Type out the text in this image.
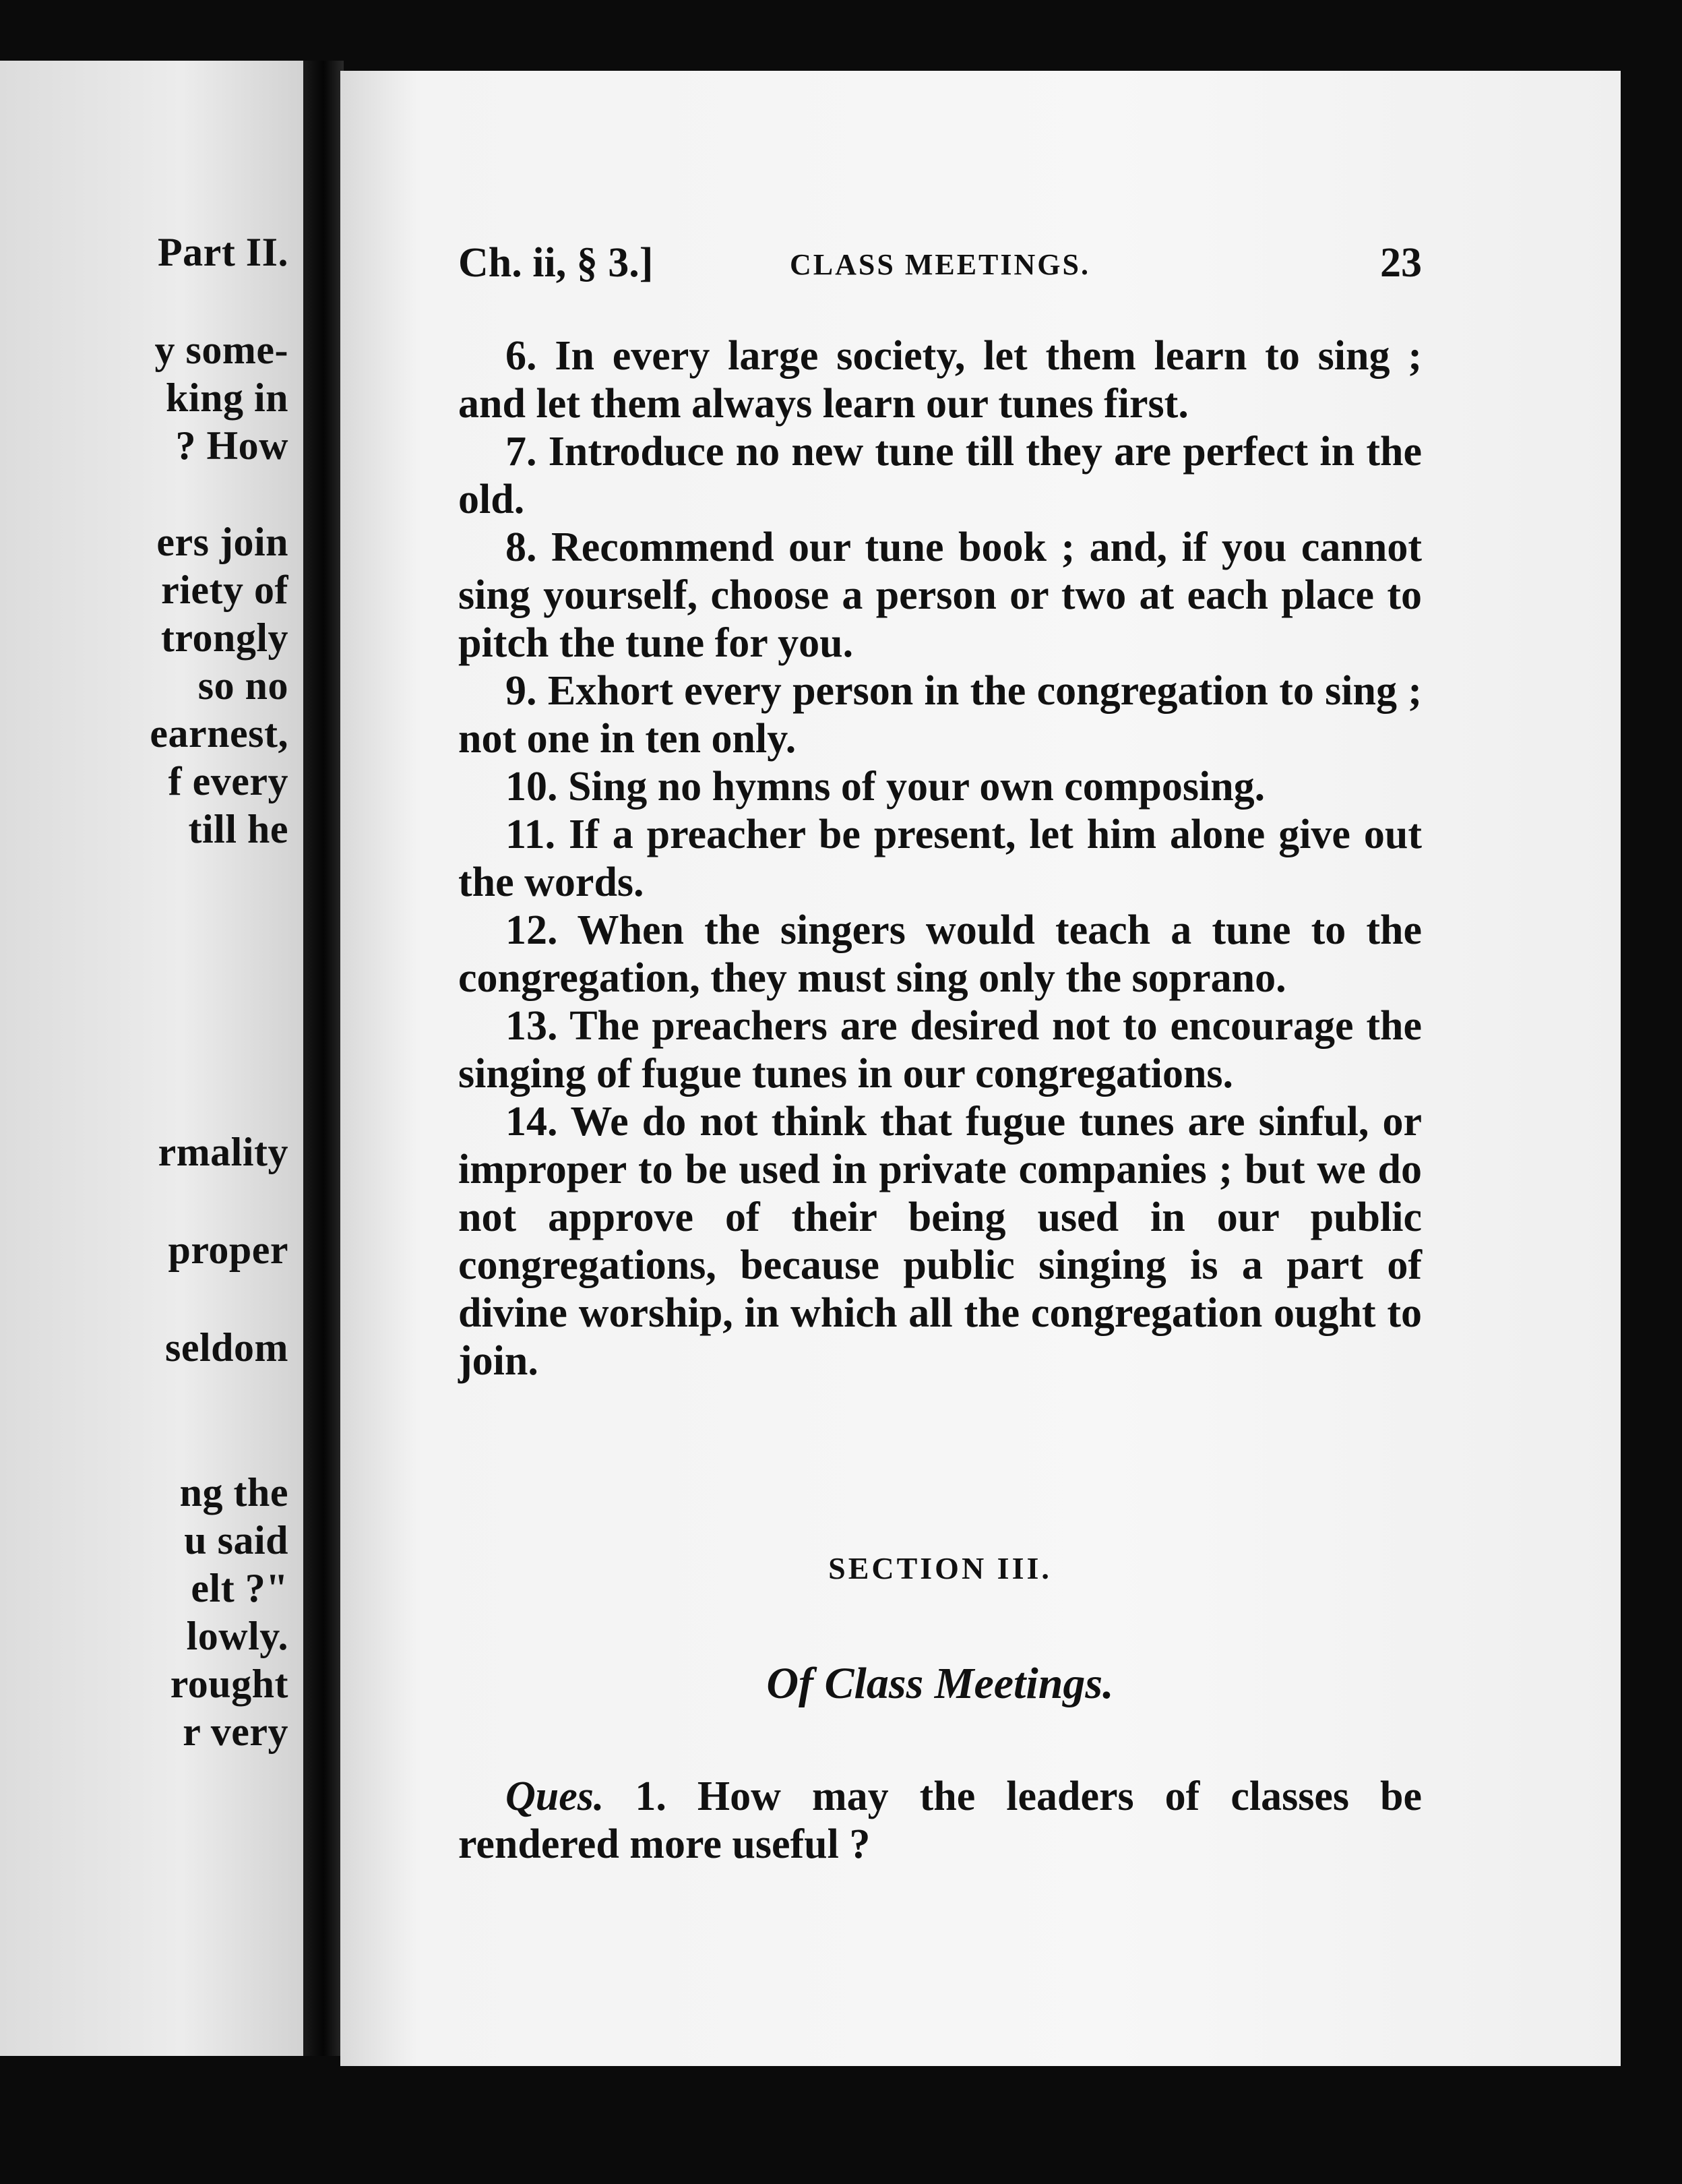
Part II.
y some-
king in
? How
ers join
riety of
trongly
so no
earnest,
f every
till he
rmality
proper
seldom
ng the
u said
elt ?"
lowly.
rought
r very
Ch. ii, § 3.]	CLASS MEETINGS.	23

6. In every large society, let them learn to sing ; and let them always learn our tunes first.

7. Introduce no new tune till they are perfect in the old.

8. Recommend our tune book ; and, if you cannot sing yourself, choose a person or two at each place to pitch the tune for you.

9. Exhort every person in the congregation to sing ; not one in ten only.

10. Sing no hymns of your own composing.

11. If a preacher be present, let him alone give out the words.

12. When the singers would teach a tune to the congregation, they must sing only the soprano.

13. The preachers are desired not to encourage the singing of fugue tunes in our congregations.

14. We do not think that fugue tunes are sinful, or improper to be used in private companies ; but we do not approve of their being used in our public congregations, because public singing is a part of divine worship, in which all the congregation ought to join.

SECTION III.
Of Class Meetings.

Ques. 1. How may the leaders of classes be rendered more useful ?
